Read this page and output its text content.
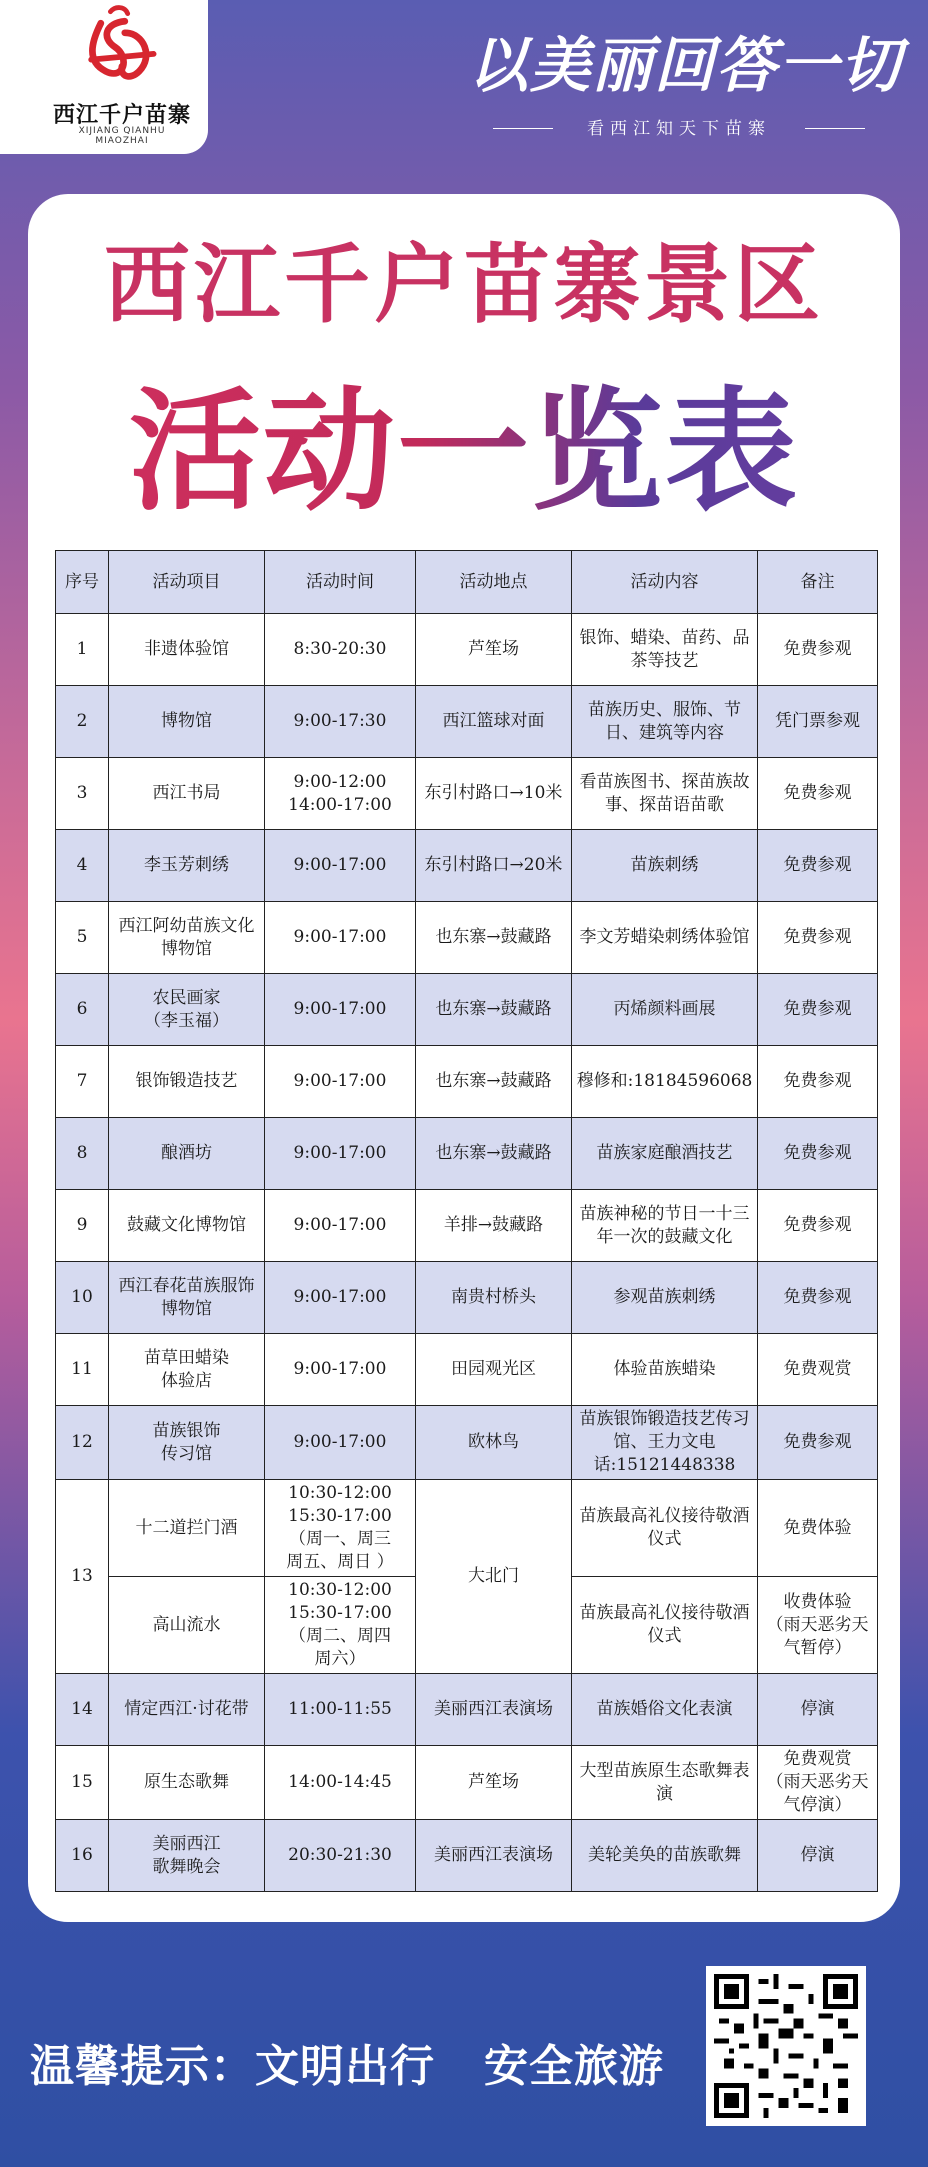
西江千户苗寨
XIJIANG QIANHU MIAOZHAI
以美丽回答一切
看西江知天下苗寨
西江千户苗寨景区
活动一览表
序号	活动项目	活动时间	活动地点	活动内容	备注
1	非遗体验馆	8:30-20:30	芦笙场	银饰、蜡染、苗药、品茶等技艺	免费参观
2	博物馆	9:00-17:30	西江篮球对面	苗族历史、服饰、节日、建筑等内容	凭门票参观
3	西江书局	9:00-12:00
14:00-17:00	东引村路口→10米	看苗族图书、探苗族故事、探苗语苗歌	免费参观
4	李玉芳刺绣	9:00-17:00	东引村路口→20米	苗族刺绣	免费参观
5	西江阿幼苗族文化博物馆	9:00-17:00	也东寨→鼓藏路	李文芳蜡染刺绣体验馆	免费参观
6	农民画家
（李玉福）	9:00-17:00	也东寨→鼓藏路	丙烯颜料画展	免费参观
7	银饰锻造技艺	9:00-17:00	也东寨→鼓藏路	穆修和:18184596068	免费参观
8	酿酒坊	9:00-17:00	也东寨→鼓藏路	苗族家庭酿酒技艺	免费参观
9	鼓藏文化博物馆	9:00-17:00	羊排→鼓藏路	苗族神秘的节日一十三年一次的鼓藏文化	免费参观
10	西江春花苗族服饰博物馆	9:00-17:00	南贵村桥头	参观苗族刺绣	免费参观
11	苗草田蜡染
体验店	9:00-17:00	田园观光区	体验苗族蜡染	免费观赏
12	苗族银饰
传习馆	9:00-17:00	欧林鸟	苗族银饰锻造技艺传习馆、王力文电话:15121448338	免费参观
13	十二道拦门酒	10:30-12:00
15:30-17:00
（周一、周三
周五、周日 ）	大北门	苗族最高礼仪接待敬酒仪式	免费体验
	高山流水	10:30-12:00
15:30-17:00
（周二、周四
周六）		苗族最高礼仪接待敬酒仪式	收费体验
（雨天恶劣天气暂停）
14	情定西江·讨花带	11:00-11:55	美丽西江表演场	苗族婚俗文化表演	停演
15	原生态歌舞	14:00-14:45	芦笙场	大型苗族原生态歌舞表演	免费观赏
（雨天恶劣天气停演）
16	美丽西江
歌舞晚会	20:30-21:30	美丽西江表演场	美轮美奂的苗族歌舞	停演
温馨提示：文明出行   安全旅游
